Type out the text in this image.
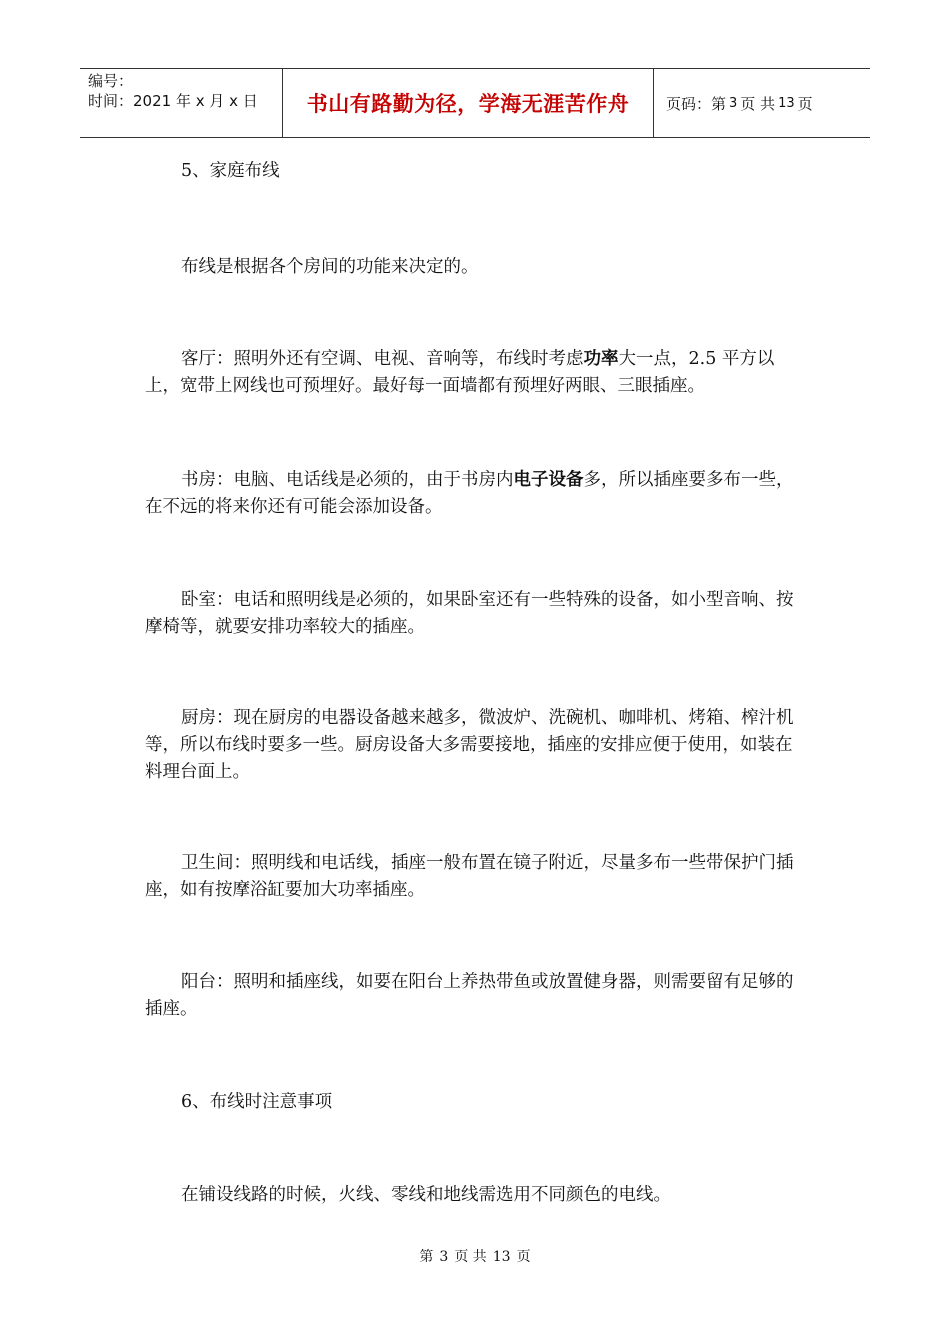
编号：
时间：2021 年 x 月 x 日	书山有路勤为径，学海无涯苦作舟 页码：第 3 页 共 13 页

5、家庭布线

布线是根据各个房间的功能来决定的。

客厅：照明外还有空调、电视、音响等，布线时考虑功率大一点，2.5 平方以上，宽带上网线也可预埋好。最好每一面墙都有预埋好两眼、三眼插座。

书房：电脑、电话线是必须的，由于书房内电子设备多，所以插座要多布一些，在不远的将来你还有可能会添加设备。

卧室：电话和照明线是必须的，如果卧室还有一些特殊的设备，如小型音响、按摩椅等，就要安排功率较大的插座。

厨房：现在厨房的电器设备越来越多，微波炉、洗碗机、咖啡机、烤箱、榨汁机等，所以布线时要多一些。厨房设备大多需要接地，插座的安排应便于使用，如装在料理台面上。

卫生间：照明线和电话线，插座一般布置在镜子附近，尽量多布一些带保护门插座，如有按摩浴缸要加大功率插座。

阳台：照明和插座线，如要在阳台上养热带鱼或放置健身器，则需要留有足够的插座。

6、布线时注意事项

在铺设线路的时候，火线、零线和地线需选用不同颜色的电线。

第 3 页 共 13 页
